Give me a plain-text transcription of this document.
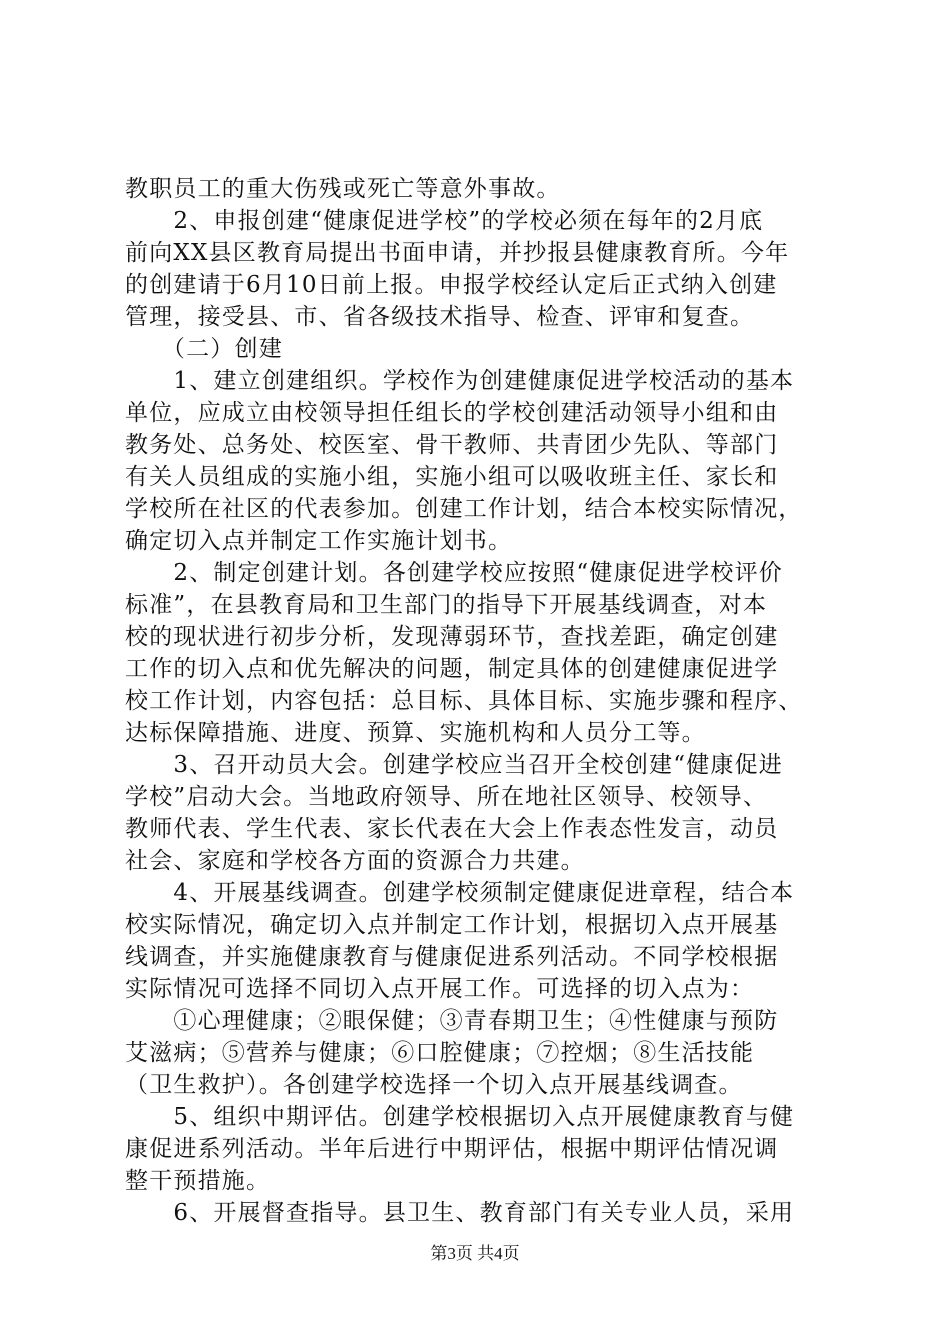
教职员工的重大伤残或死亡等意外事故。
　　2、申报创建“健康促进学校”的学校必须在每年的2月底
前向XX县区教育局提出书面申请，并抄报县健康教育所。今年
的创建请于6月10日前上报。申报学校经认定后正式纳入创建
管理，接受县、市、省各级技术指导、检查、评审和复查。
　　（二）创建
　　1、建立创建组织。学校作为创建健康促进学校活动的基本
单位，应成立由校领导担任组长的学校创建活动领导小组和由
教务处、总务处、校医室、骨干教师、共青团少先队、等部门
有关人员组成的实施小组，实施小组可以吸收班主任、家长和
学校所在社区的代表参加。创建工作计划，结合本校实际情况，
确定切入点并制定工作实施计划书。
　　2、制定创建计划。各创建学校应按照“健康促进学校评价
标准”，在县教育局和卫生部门的指导下开展基线调查，对本
校的现状进行初步分析，发现薄弱环节，查找差距，确定创建
工作的切入点和优先解决的问题，制定具体的创建健康促进学
校工作计划，内容包括：总目标、具体目标、实施步骤和程序、
达标保障措施、进度、预算、实施机构和人员分工等。
　　3、召开动员大会。创建学校应当召开全校创建“健康促进
学校”启动大会。当地政府领导、所在地社区领导、校领导、
教师代表、学生代表、家长代表在大会上作表态性发言，动员
社会、家庭和学校各方面的资源合力共建。
　　4、开展基线调查。创建学校须制定健康促进章程，结合本
校实际情况，确定切入点并制定工作计划，根据切入点开展基
线调查，并实施健康教育与健康促进系列活动。不同学校根据
实际情况可选择不同切入点开展工作。可选择的切入点为：
　　①心理健康；②眼保健；③青春期卫生；④性健康与预防
艾滋病；⑤营养与健康；⑥口腔健康；⑦控烟；⑧生活技能
（卫生救护）。各创建学校选择一个切入点开展基线调查。
　　5、组织中期评估。创建学校根据切入点开展健康教育与健
康促进系列活动。半年后进行中期评估，根据中期评估情况调
整干预措施。
　　6、开展督查指导。县卫生、教育部门有关专业人员，采用
第3页 共4页
